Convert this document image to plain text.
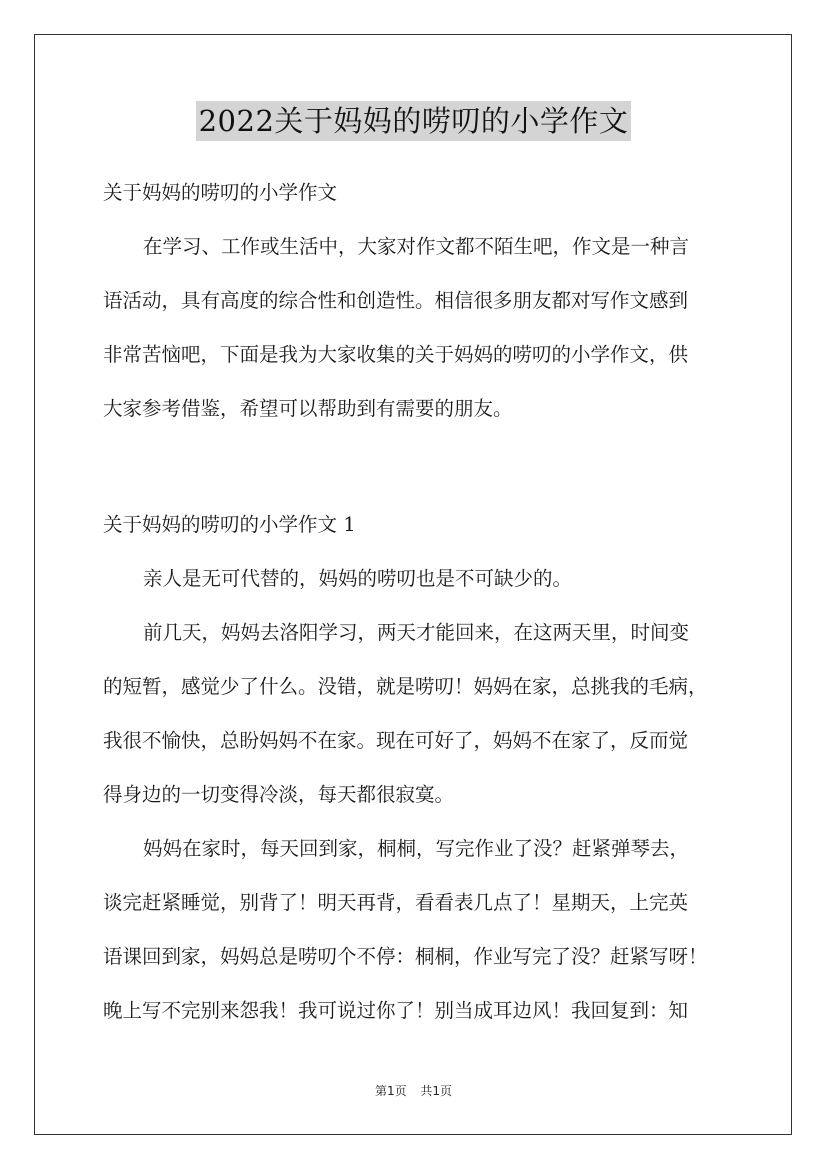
2022关于妈妈的唠叨的小学作文
关于妈妈的唠叨的小学作文
在学习、工作或生活中，大家对作文都不陌生吧，作文是一种言
语活动，具有高度的综合性和创造性。相信很多朋友都对写作文感到
非常苦恼吧，下面是我为大家收集的关于妈妈的唠叨的小学作文，供
大家参考借鉴，希望可以帮助到有需要的朋友。
关于妈妈的唠叨的小学作文 1
亲人是无可代替的，妈妈的唠叨也是不可缺少的。
前几天，妈妈去洛阳学习，两天才能回来，在这两天里，时间变
的短暂，感觉少了什么。没错，就是唠叨！妈妈在家，总挑我的毛病，
我很不愉快，总盼妈妈不在家。现在可好了，妈妈不在家了，反而觉
得身边的一切变得冷淡，每天都很寂寞。
妈妈在家时，每天回到家，桐桐，写完作业了没？赶紧弹琴去，
谈完赶紧睡觉，别背了！明天再背，看看表几点了！星期天，上完英
语课回到家，妈妈总是唠叨个不停：桐桐，作业写完了没？赶紧写呀！
晚上写不完别来怨我！我可说过你了！别当成耳边风！我回复到：知
第1页 共1页
